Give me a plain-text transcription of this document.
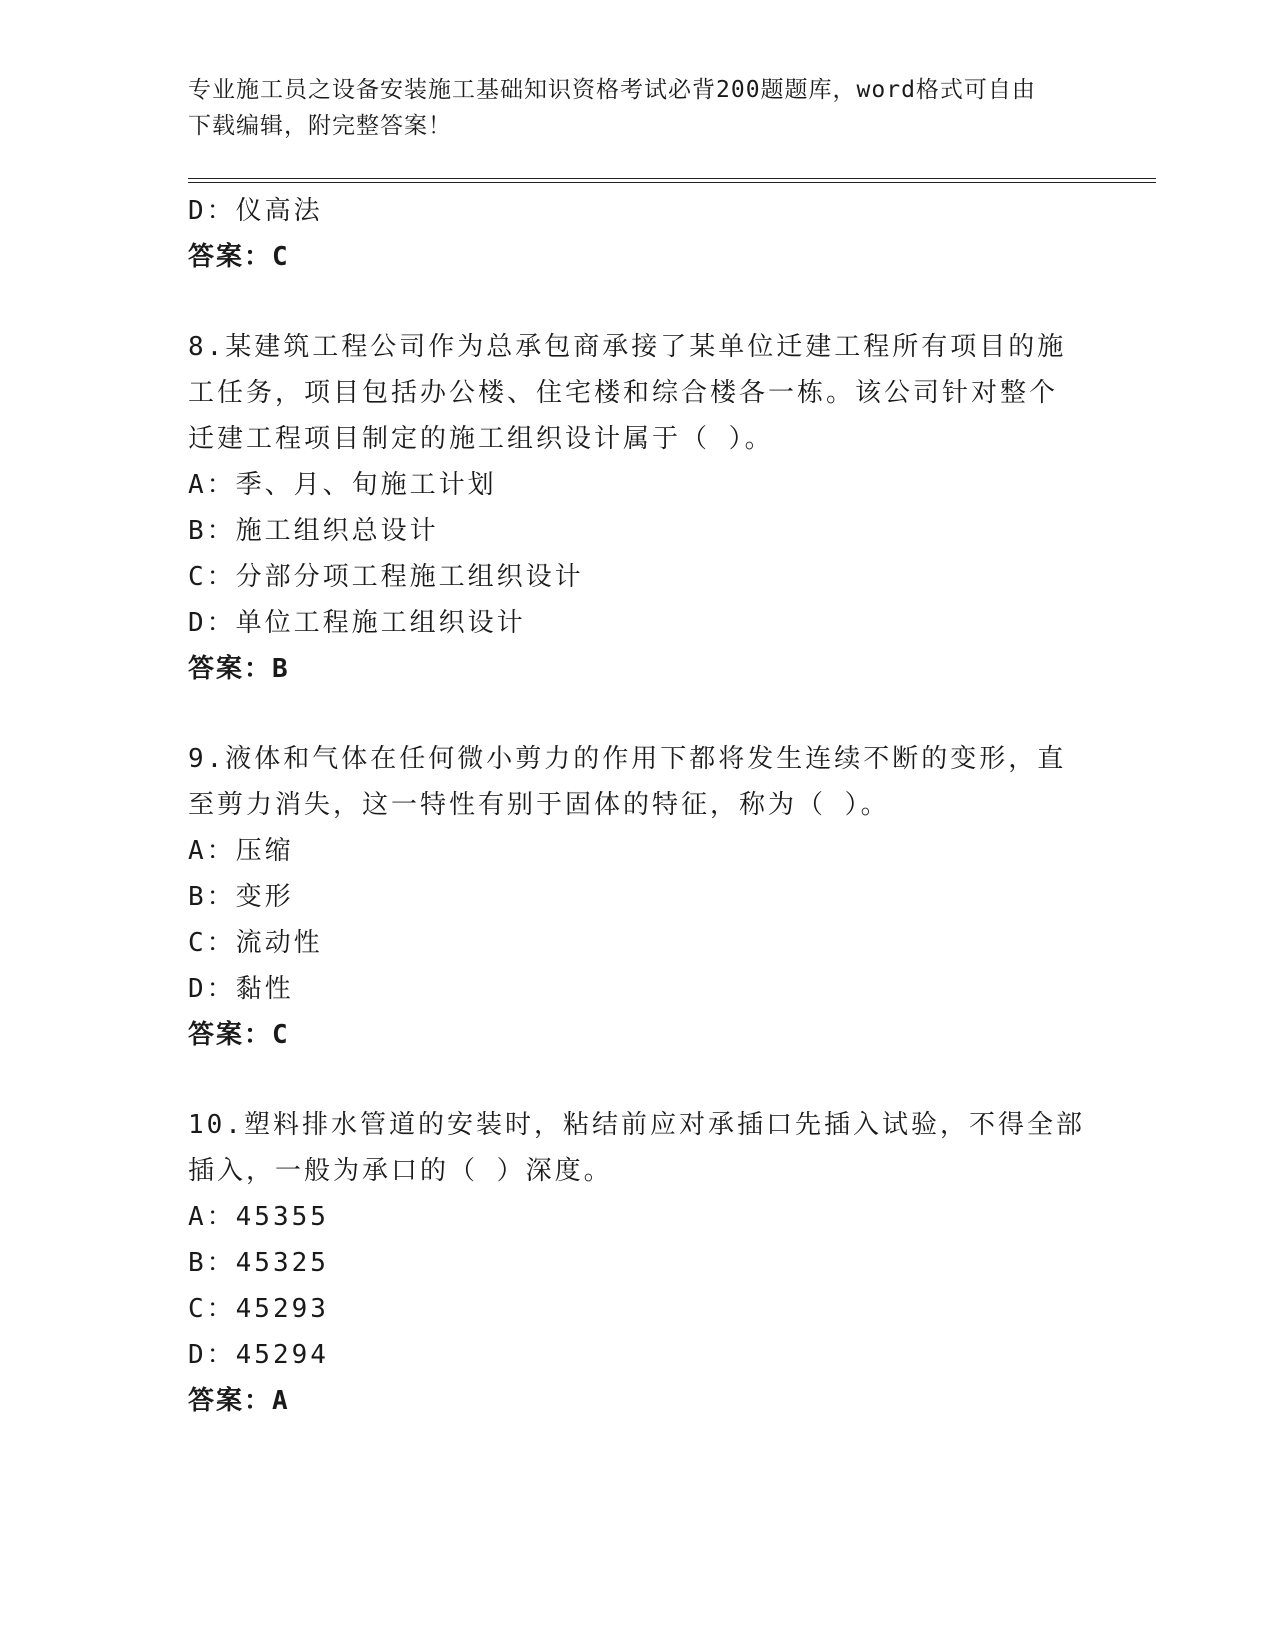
专业施工员之设备安装施工基础知识资格考试必背200题题库，word格式可自由
下载编辑，附完整答案！
D：仪高法
答案：C
8.某建筑工程公司作为总承包商承接了某单位迁建工程所有项目的施
工任务，项目包括办公楼、住宅楼和综合楼各一栋。该公司针对整个
迁建工程项目制定的施工组织设计属于（ ）。
A：季、月、旬施工计划
B：施工组织总设计
C：分部分项工程施工组织设计
D：单位工程施工组织设计
答案：B
9.液体和气体在任何微小剪力的作用下都将发生连续不断的变形，直
至剪力消失，这一特性有别于固体的特征，称为（ ）。
A：压缩
B：变形
C：流动性
D：黏性
答案：C
10.塑料排水管道的安装时，粘结前应对承插口先插入试验，不得全部
插入，一般为承口的（ ）深度。
A：45355
B：45325
C：45293
D：45294
答案：A
